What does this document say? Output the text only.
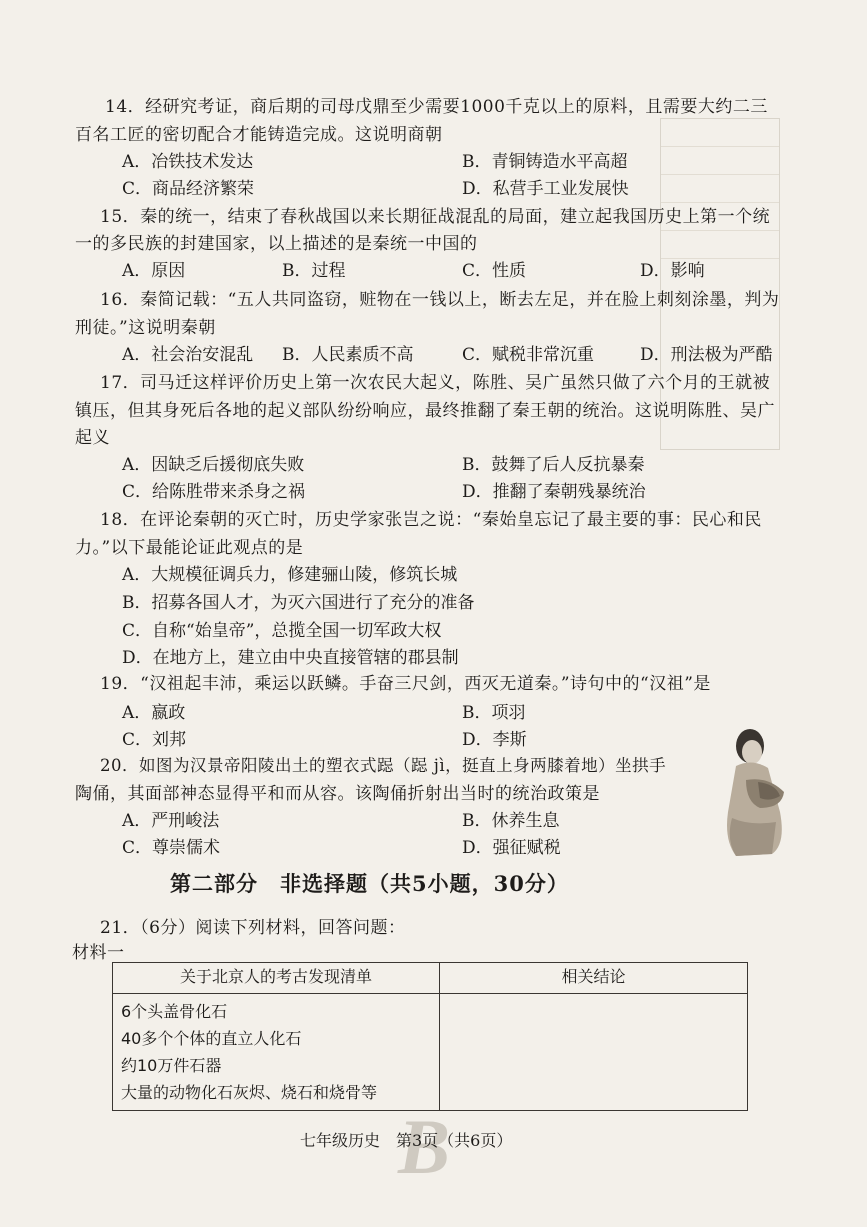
14．经研究考证，商后期的司母戊鼎至少需要1000千克以上的原料，且需要大约二三
百名工匠的密切配合才能铸造完成。这说明商朝
A．冶铁技术发达	B．青铜铸造水平高超
C．商品经济繁荣	D．私营手工业发展快
15．秦的统一，结束了春秋战国以来长期征战混乱的局面，建立起我国历史上第一个统
一的多民族的封建国家，以上描述的是秦统一中国的
A．原因	B．过程	C．性质	D．影响
16．秦简记载：“五人共同盗窃，赃物在一钱以上，断去左足，并在脸上刺刻涂墨，判为
刑徒。”这说明秦朝
A．社会治安混乱 B．人民素质不高	C．赋税非常沉重	D．刑法极为严酷
17．司马迁这样评价历史上第一次农民大起义，陈胜、吴广虽然只做了六个月的王就被
镇压，但其身死后各地的起义部队纷纷响应，最终推翻了秦王朝的统治。这说明陈胜、吴广
起义
A．因缺乏后援彻底失败	B．鼓舞了后人反抗暴秦
C．给陈胜带来杀身之祸	D．推翻了秦朝残暴统治
18．在评论秦朝的灭亡时，历史学家张岂之说：“秦始皇忘记了最主要的事：民心和民
力。”以下最能论证此观点的是
A．大规模征调兵力，修建骊山陵，修筑长城
B．招募各国人才，为灭六国进行了充分的准备
C．自称“始皇帝”，总揽全国一切军政大权
D．在地方上，建立由中央直接管辖的郡县制
19．“汉祖起丰沛，乘运以跃鳞。手奋三尺剑，西灭无道秦。”诗句中的“汉祖”是
A．嬴政	B．项羽
C．刘邦	D．李斯
20．如图为汉景帝阳陵出土的塑衣式跽（跽 jì，挺直上身两膝着地）坐拱手
陶俑，其面部神态显得平和而从容。该陶俑折射出当时的统治政策是
A．严刑峻法	B．休养生息
C．尊崇儒术	D．强征赋税
第二部分　非选择题（共5小题，30分）
21．（6分）阅读下列材料，回答问题：
材料一
关于北京人的考古发现清单	相关结论

6个头盖骨化石
40多个个体的直立人化石
约10万件石器
大量的动物化石灰烬、烧石和烧骨等	

B
七年级历史　第3页（共6页）
